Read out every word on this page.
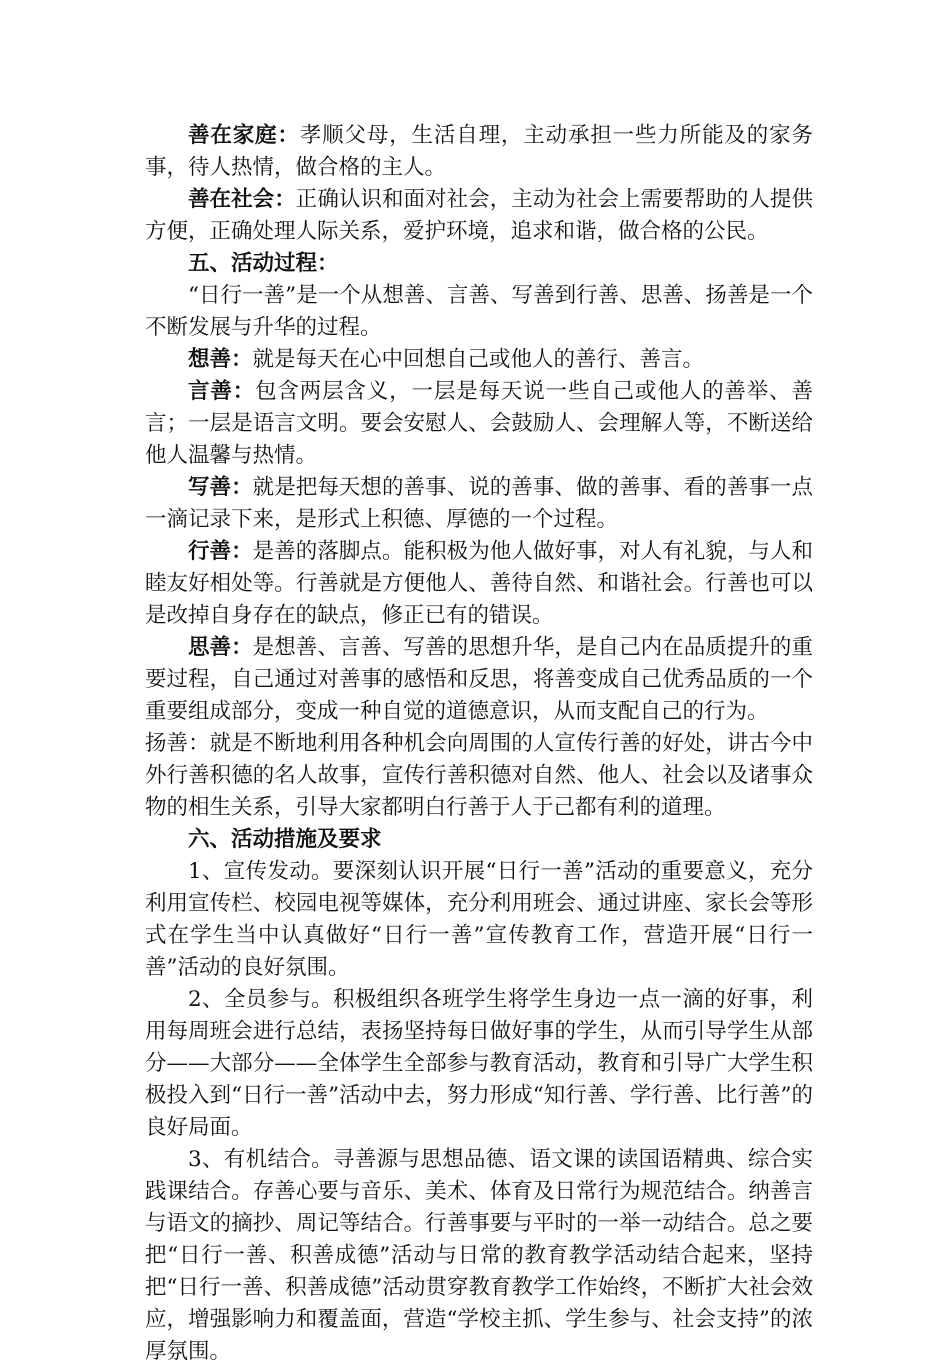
善在家庭：孝顺父母，生活自理，主动承担一些力所能及的家务事，待人热情，做合格的主人。

善在社会：正确认识和面对社会，主动为社会上需要帮助的人提供方便，正确处理人际关系，爱护环境，追求和谐，做合格的公民。

五、活动过程：

“日行一善”是一个从想善、言善、写善到行善、思善、扬善是一个不断发展与升华的过程。

想善：就是每天在心中回想自己或他人的善行、善言。

言善：包含两层含义，一层是每天说一些自己或他人的善举、善言；一层是语言文明。要会安慰人、会鼓励人、会理解人等，不断送给他人温馨与热情。

写善：就是把每天想的善事、说的善事、做的善事、看的善事一点一滴记录下来，是形式上积德、厚德的一个过程。

行善：是善的落脚点。能积极为他人做好事，对人有礼貌，与人和睦友好相处等。行善就是方便他人、善待自然、和谐社会。行善也可以是改掉自身存在的缺点，修正已有的错误。

思善：是想善、言善、写善的思想升华，是自己内在品质提升的重要过程，自己通过对善事的感悟和反思，将善变成自己优秀品质的一个重要组成部分，变成一种自觉的道德意识，从而支配自己的行为。

扬善：就是不断地利用各种机会向周围的人宣传行善的好处，讲古今中外行善积德的名人故事，宣传行善积德对自然、他人、社会以及诸事众物的相生关系，引导大家都明白行善于人于己都有利的道理。

六、活动措施及要求

1、宣传发动。要深刻认识开展“日行一善”活动的重要意义，充分利用宣传栏、校园电视等媒体，充分利用班会、通过讲座、家长会等形式在学生当中认真做好“日行一善”宣传教育工作，营造开展“日行一善”活动的良好氛围。

2、全员参与。积极组织各班学生将学生身边一点一滴的好事，利用每周班会进行总结，表扬坚持每日做好事的学生，从而引导学生从部分——大部分——全体学生全部参与教育活动，教育和引导广大学生积极投入到“日行一善”活动中去，努力形成“知行善、学行善、比行善”的良好局面。

3、有机结合。寻善源与思想品德、语文课的读国语精典、综合实践课结合。存善心要与音乐、美术、体育及日常行为规范结合。纳善言与语文的摘抄、周记等结合。行善事要与平时的一举一动结合。总之要把“日行一善、积善成德”活动与日常的教育教学活动结合起来，坚持把“日行一善、积善成德”活动贯穿教育教学工作始终，不断扩大社会效应，增强影响力和覆盖面，营造“学校主抓、学生参与、社会支持”的浓厚氛围。
